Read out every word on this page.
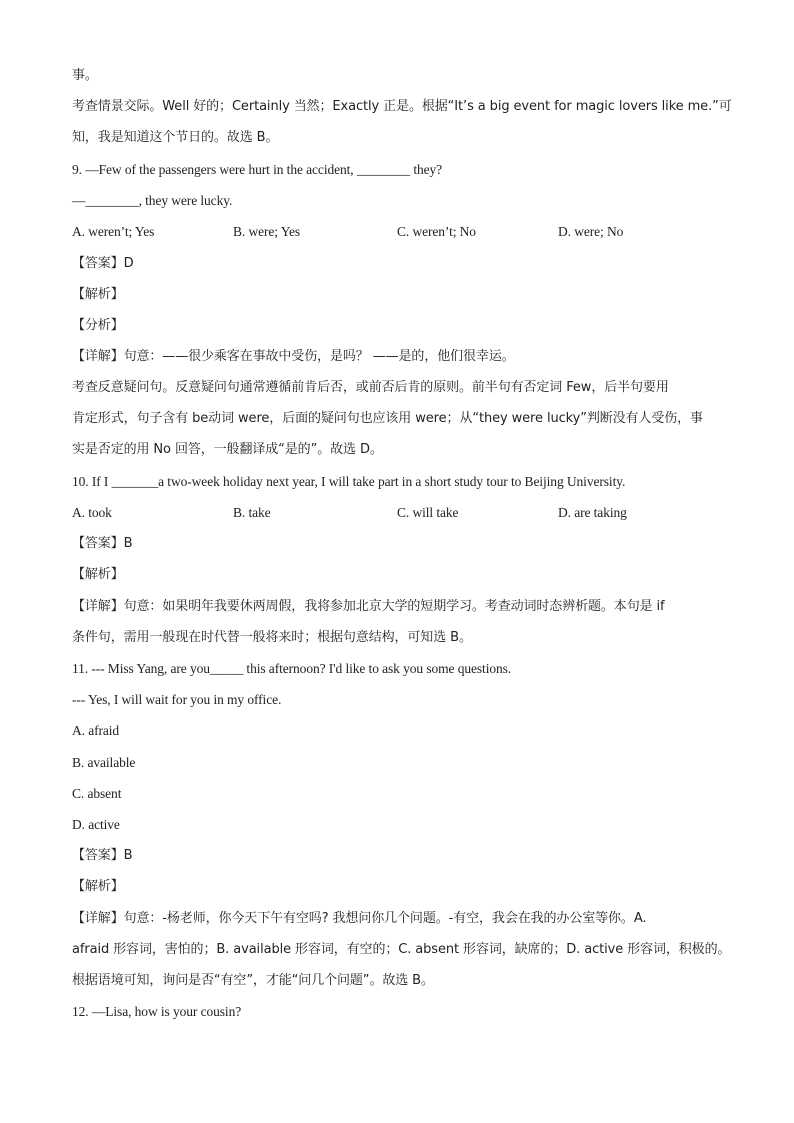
事。
考查情景交际。Well 好的；Certainly 当然；Exactly 正是。根据“It’s a big event for magic lovers like me.”可
知，我是知道这个节日的。故选 B。
9. —Few of the passengers were hurt in the accident, ________ they?
—________, they were lucky.
A. weren’t; Yes	B. were; Yes	C. weren’t; No	D. were; No
【答案】D
【解析】
【分析】
【详解】句意：——很少乘客在事故中受伤，是吗？ ——是的，他们很幸运。
考查反意疑问句。反意疑问句通常遵循前肯后否，或前否后肯的原则。前半句有否定词 Few，后半句要用
肯定形式，句子含有 be动词 were，后面的疑问句也应该用 were；从“they were lucky”判断没有人受伤，事
实是否定的用 No 回答，一般翻译成“是的”。故选 D。
10. If I _______a two-week holiday next year, I will take part in a short study tour to Beijing University.
A. took	B. take	C. will take	D. are taking
【答案】B
【解析】
【详解】句意：如果明年我要休两周假，我将参加北京大学的短期学习。考查动词时态辨析题。本句是 if
条件句，需用一般现在时代替一般将来时；根据句意结构，可知选 B。
11. --- Miss Yang, are you_____ this afternoon? I'd like to ask you some questions.
--- Yes, I will wait for you in my office.
A. afraid
B. available
C. absent
D. active
【答案】B
【解析】
【详解】句意：-杨老师，你今天下午有空吗? 我想问你几个问题。-有空，我会在我的办公室等你。A.
afraid 形容词，害怕的；B. available 形容词，有空的；C. absent 形容词，缺席的；D. active 形容词，积极的。
根据语境可知，询问是否“有空”，才能“问几个问题”。故选 B。
12. —Lisa, how is your cousin?
